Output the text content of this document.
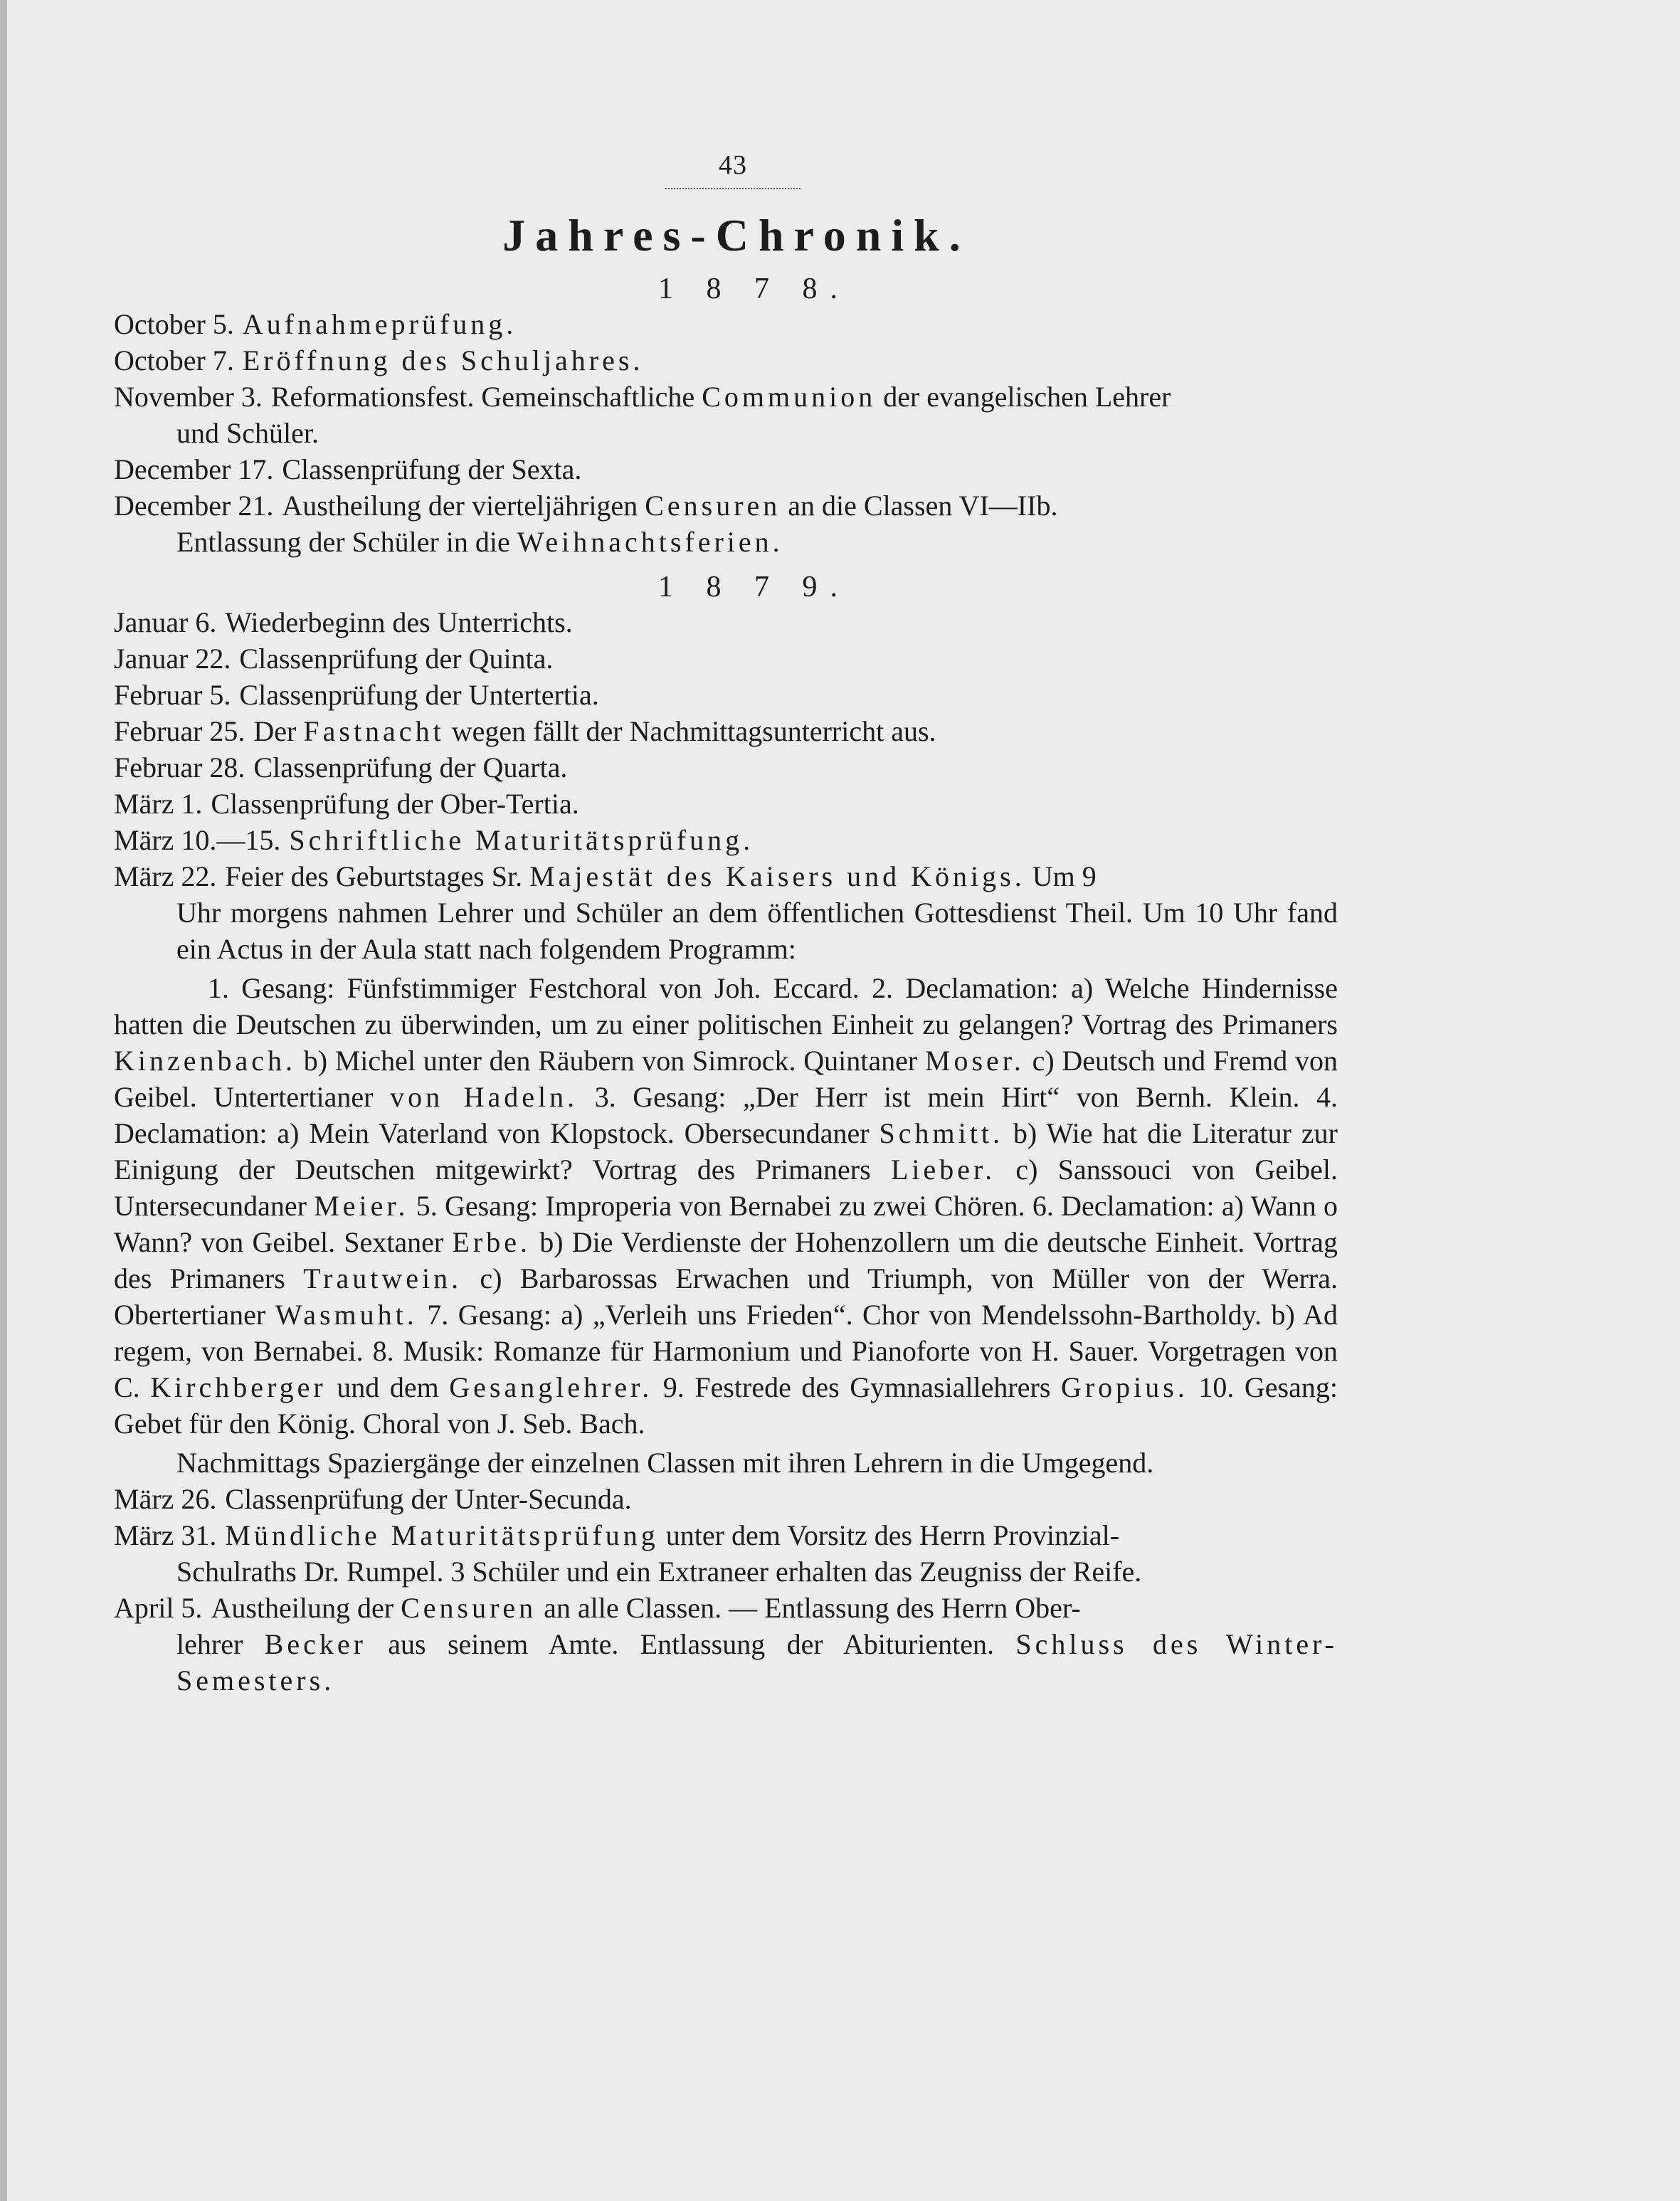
43
Jahres-Chronik.
1 8 7 8.
October 5. Aufnahmeprüfung.
October 7. Eröffnung des Schuljahres.
November 3. Reformationsfest. Gemeinschaftliche Communion der evangelischen Lehrer
und Schüler.
December 17. Classenprüfung der Sexta.
December 21. Austheilung der vierteljährigen Censuren an die Classen VI—IIb.
Entlassung der Schüler in die Weihnachtsferien.
1 8 7 9.
Januar 6. Wiederbeginn des Unterrichts.
Januar 22. Classenprüfung der Quinta.
Februar 5. Classenprüfung der Untertertia.
Februar 25. Der Fastnacht wegen fällt der Nachmittagsunterricht aus.
Februar 28. Classenprüfung der Quarta.
März 1. Classenprüfung der Ober-Tertia.
März 10.—15. Schriftliche Maturitätsprüfung.
März 22. Feier des Geburtstages Sr. Majestät des Kaisers und Königs. Um 9
Uhr morgens nahmen Lehrer und Schüler an dem öffentlichen Gottesdienst Theil. Um 10 Uhr fand ein Actus in der Aula statt nach folgendem Programm:
1. Gesang: Fünfstimmiger Festchoral von Joh. Eccard. 2. Declamation: a) Welche Hindernisse hatten die Deutschen zu überwinden, um zu einer politischen Einheit zu gelangen? Vortrag des Primaners Kinzenbach. b) Michel unter den Räubern von Simrock. Quintaner Moser. c) Deutsch und Fremd von Geibel. Untertertianer von Hadeln. 3. Gesang: „Der Herr ist mein Hirt“ von Bernh. Klein. 4. Declamation: a) Mein Vaterland von Klopstock. Obersecundaner Schmitt. b) Wie hat die Literatur zur Einigung der Deutschen mitgewirkt? Vortrag des Primaners Lieber. c) Sanssouci von Geibel. Untersecundaner Meier. 5. Gesang: Improperia von Bernabei zu zwei Chören. 6. Declamation: a) Wann o Wann? von Geibel. Sextaner Erbe. b) Die Verdienste der Hohenzollern um die deutsche Einheit. Vortrag des Primaners Trautwein. c) Barbarossas Erwachen und Triumph, von Müller von der Werra. Obertertianer Wasmuht. 7. Gesang: a) „Verleih uns Frieden“. Chor von Mendelssohn-Bartholdy. b) Ad regem, von Bernabei. 8. Musik: Romanze für Harmonium und Pianoforte von H. Sauer. Vorgetragen von C. Kirchberger und dem Gesanglehrer. 9. Festrede des Gymnasiallehrers Gropius. 10. Gesang: Gebet für den König. Choral von J. Seb. Bach.
Nachmittags Spaziergänge der einzelnen Classen mit ihren Lehrern in die Umgegend.
März 26. Classenprüfung der Unter-Secunda.
März 31. Mündliche Maturitätsprüfung unter dem Vorsitz des Herrn Provinzial-
Schulraths Dr. Rumpel. 3 Schüler und ein Extraneer erhalten das Zeugniss der Reife.
April 5. Austheilung der Censuren an alle Classen. — Entlassung des Herrn Ober-
lehrer Becker aus seinem Amte. Entlassung der Abiturienten. Schluss des Winter-Semesters.
